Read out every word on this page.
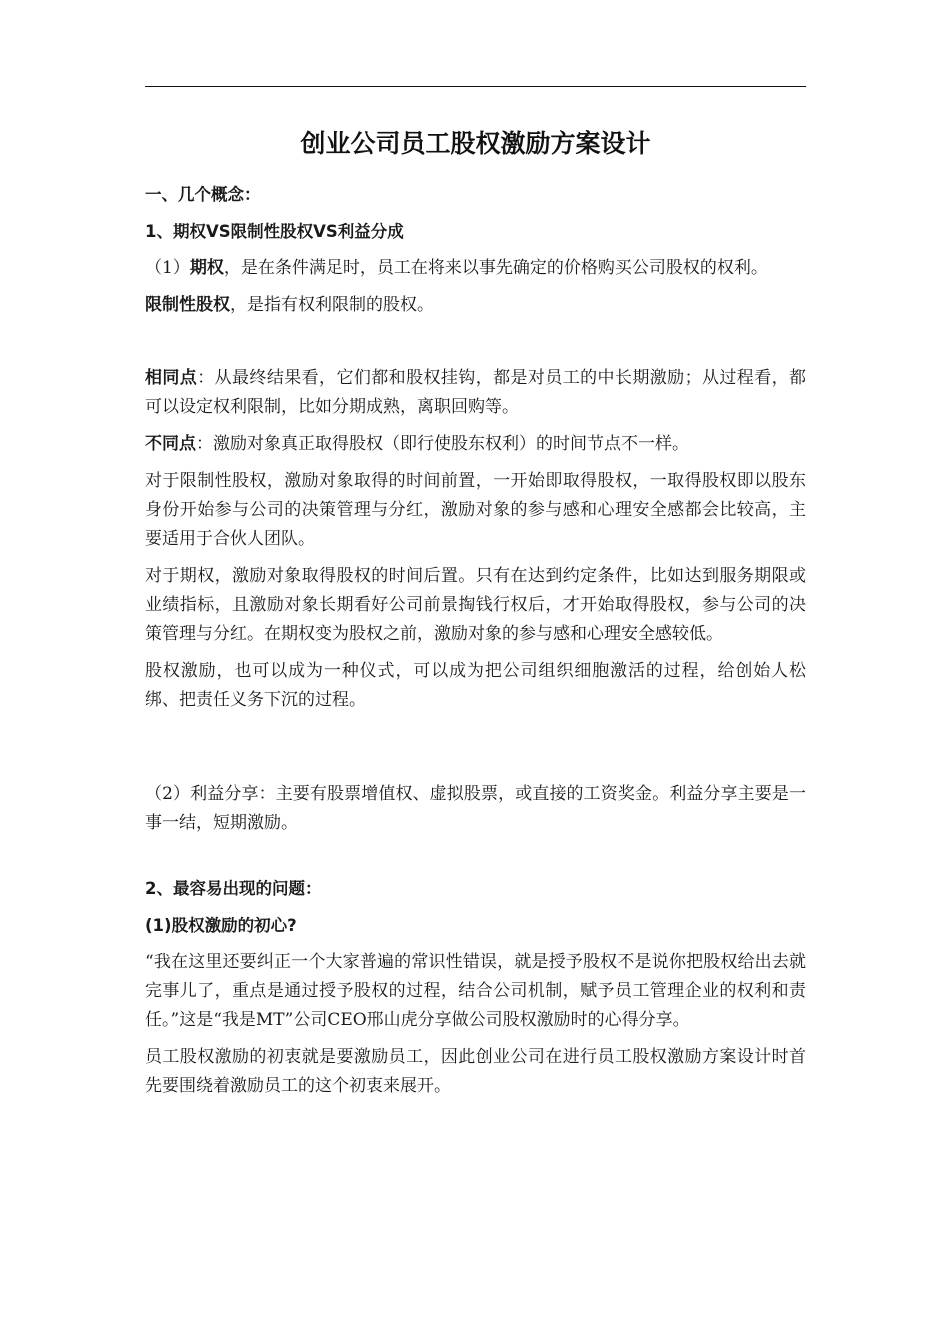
创业公司员工股权激励方案设计

一、几个概念：

1、期权VS限制性股权VS利益分成

（1）期权，是在条件满足时，员工在将来以事先确定的价格购买公司股权的权利。

限制性股权，是指有权利限制的股权。

相同点：从最终结果看，它们都和股权挂钩，都是对员工的中长期激励；从过程看，都可以设定权利限制，比如分期成熟，离职回购等。

不同点：激励对象真正取得股权（即行使股东权利）的时间节点不一样。

对于限制性股权，激励对象取得的时间前置，一开始即取得股权，一取得股权即以股东身份开始参与公司的决策管理与分红，激励对象的参与感和心理安全感都会比较高，主要适用于合伙人团队。

对于期权，激励对象取得股权的时间后置。只有在达到约定条件，比如达到服务期限或业绩指标，且激励对象长期看好公司前景掏钱行权后，才开始取得股权，参与公司的决策管理与分红。在期权变为股权之前，激励对象的参与感和心理安全感较低。

股权激励，也可以成为一种仪式，可以成为把公司组织细胞激活的过程，给创始人松绑、把责任义务下沉的过程。

（2）利益分享：主要有股票增值权、虚拟股票，或直接的工资奖金。利益分享主要是一事一结，短期激励。

2、最容易出现的问题：

(1)股权激励的初心?

“我在这里还要纠正一个大家普遍的常识性错误，就是授予股权不是说你把股权给出去就完事儿了，重点是通过授予股权的过程，结合公司机制，赋予员工管理企业的权利和责任。”这是“我是MT”公司CEO邢山虎分享做公司股权激励时的心得分享。

员工股权激励的初衷就是要激励员工，因此创业公司在进行员工股权激励方案设计时首先要围绕着激励员工的这个初衷来展开。
